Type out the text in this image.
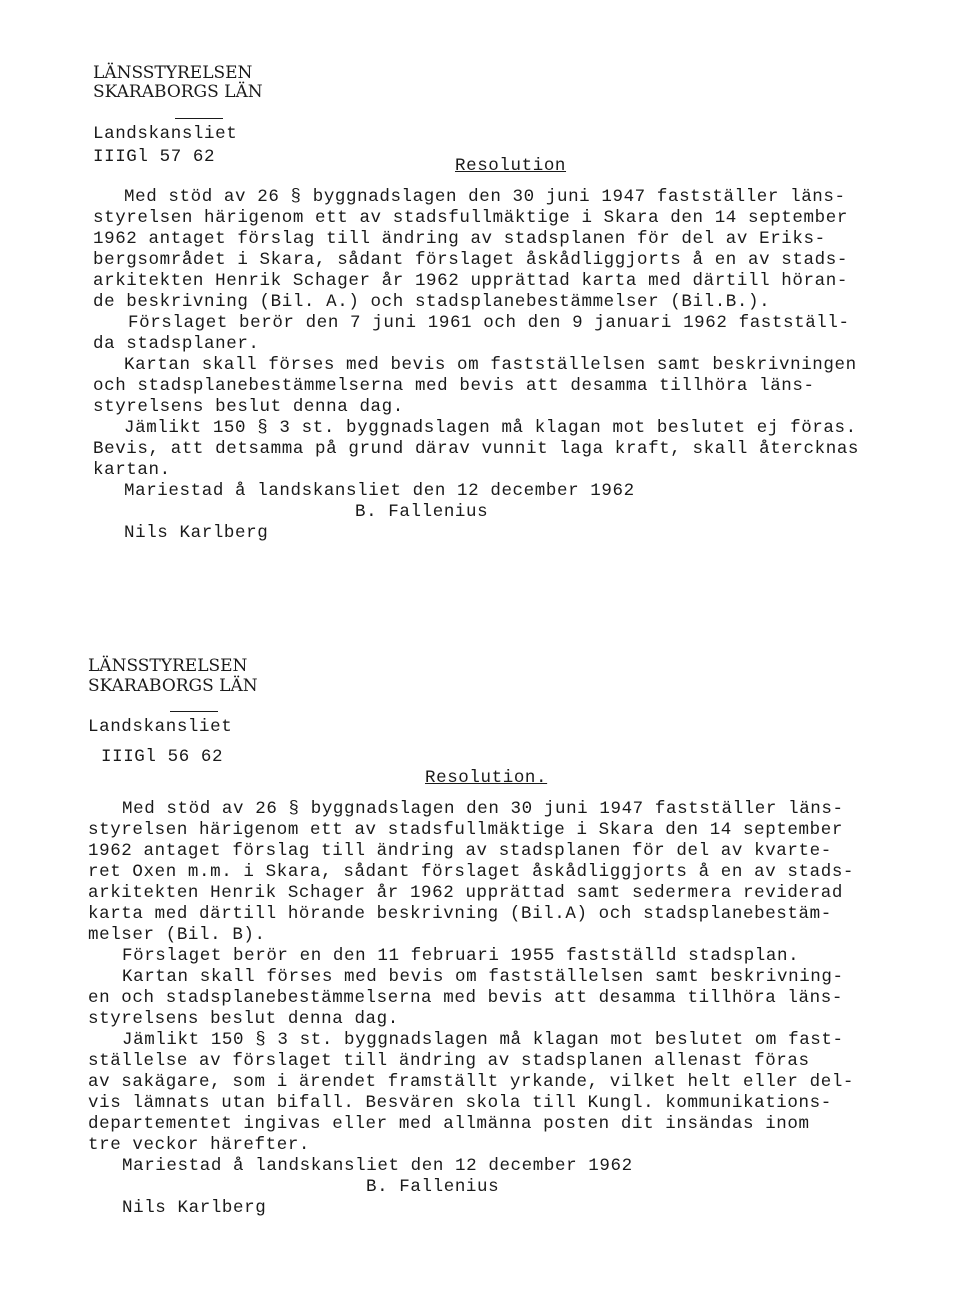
LÄNSSTYRELSEN
SKARABORGS LÄN
Landskansliet
IIIGl 57 62	Resolution
Med stöd av 26 § byggnadslagen den 30 juni 1947 fastställer läns-
styrelsen härigenom ett av stadsfullmäktige i Skara den 14 september
1962 antaget förslag till ändring av stadsplanen för del av Eriks-
bergsområdet i Skara, sådant förslaget åskådliggjorts å en av stads-
arkitekten Henrik Schager år 1962 upprättad karta med därtill höran-
de beskrivning (Bil. A.) och stadsplanebestämmelser (Bil.B.).
Förslaget berör den 7 juni 1961 och den 9 januari 1962 fastställ-
da stadsplaner.
Kartan skall förses med bevis om fastställelsen samt beskrivningen
och stadsplanebestämmelserna med bevis att desamma tillhöra läns-
styrelsens beslut denna dag.
Jämlikt 150 § 3 st. byggnadslagen må klagan mot beslutet ej föras.
Bevis, att detsamma på grund därav vunnit laga kraft, skall återcknas
kartan.
Mariestad å landskansliet den 12 december 1962
B. Fallenius
Nils Karlberg
LÄNSSTYRELSEN
SKARABORGS LÄN
Landskansliet
IIIGl 56 62
Resolution.
Med stöd av 26 § byggnadslagen den 30 juni 1947 fastställer läns-
styrelsen härigenom ett av stadsfullmäktige i Skara den 14 september
1962 antaget förslag till ändring av stadsplanen för del av kvarte-
ret Oxen m.m. i Skara, sådant förslaget åskådliggjorts å en av stads-
arkitekten Henrik Schager år 1962 upprättad samt sedermera reviderad
karta med därtill hörande beskrivning (Bil.A) och stadsplanebestäm-
melser (Bil. B).
Förslaget berör en den 11 februari 1955 fastställd stadsplan.
Kartan skall förses med bevis om fastställelsen samt beskrivning-
en och stadsplanebestämmelserna med bevis att desamma tillhöra läns-
styrelsens beslut denna dag.
Jämlikt 150 § 3 st. byggnadslagen må klagan mot beslutet om fast-
ställelse av förslaget till ändring av stadsplanen allenast föras
av sakägare, som i ärendet framställt yrkande, vilket helt eller del-
vis lämnats utan bifall. Besvären skola till Kungl. kommunikations-
departementet ingivas eller med allmänna posten dit insändas inom
tre veckor härefter.
Mariestad å landskansliet den 12 december 1962
B. Fallenius
Nils Karlberg
